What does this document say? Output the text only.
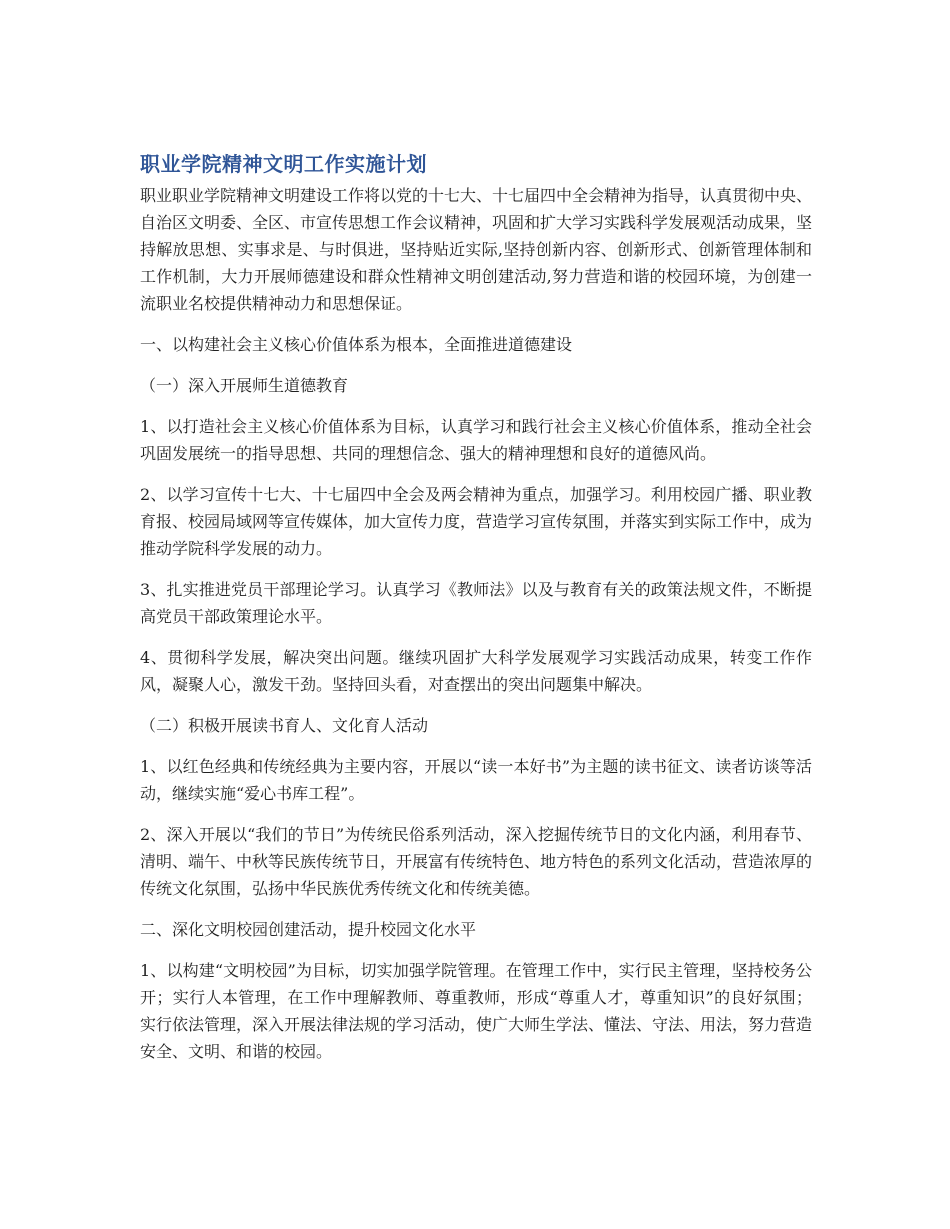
职业学院精神文明工作实施计划

职业职业学院精神文明建设工作将以党的十七大、十七届四中全会精神为指导，认真贯彻中央、自治区文明委、全区、市宣传思想工作会议精神，巩固和扩大学习实践科学发展观活动成果，坚持解放思想、实事求是、与时俱进，坚持贴近实际,坚持创新内容、创新形式、创新管理体制和工作机制，大力开展师德建设和群众性精神文明创建活动,努力营造和谐的校园环境，为创建一流职业名校提供精神动力和思想保证。

一、以构建社会主义核心价值体系为根本，全面推进道德建设

（一）深入开展师生道德教育

1、以打造社会主义核心价值体系为目标，认真学习和践行社会主义核心价值体系，推动全社会巩固发展统一的指导思想、共同的理想信念、强大的精神理想和良好的道德风尚。

2、以学习宣传十七大、十七届四中全会及两会精神为重点，加强学习。利用校园广播、职业教育报、校园局域网等宣传媒体，加大宣传力度，营造学习宣传氛围，并落实到实际工作中，成为推动学院科学发展的动力。

3、扎实推进党员干部理论学习。认真学习《教师法》以及与教育有关的政策法规文件，不断提高党员干部政策理论水平。

4、贯彻科学发展，解决突出问题。继续巩固扩大科学发展观学习实践活动成果，转变工作作风，凝聚人心，激发干劲。坚持回头看，对查摆出的突出问题集中解决。

（二）积极开展读书育人、文化育人活动

1、以红色经典和传统经典为主要内容，开展以“读一本好书”为主题的读书征文、读者访谈等活动，继续实施“爱心书库工程”。

2、深入开展以“我们的节日”为传统民俗系列活动，深入挖掘传统节日的文化内涵，利用春节、清明、端午、中秋等民族传统节日，开展富有传统特色、地方特色的系列文化活动，营造浓厚的传统文化氛围，弘扬中华民族优秀传统文化和传统美德。

二、深化文明校园创建活动，提升校园文化水平

1、以构建“文明校园”为目标，切实加强学院管理。在管理工作中，实行民主管理，坚持校务公开；实行人本管理，在工作中理解教师、尊重教师，形成“尊重人才，尊重知识”的良好氛围；实行依法管理，深入开展法律法规的学习活动，使广大师生学法、懂法、守法、用法，努力营造安全、文明、和谐的校园。
